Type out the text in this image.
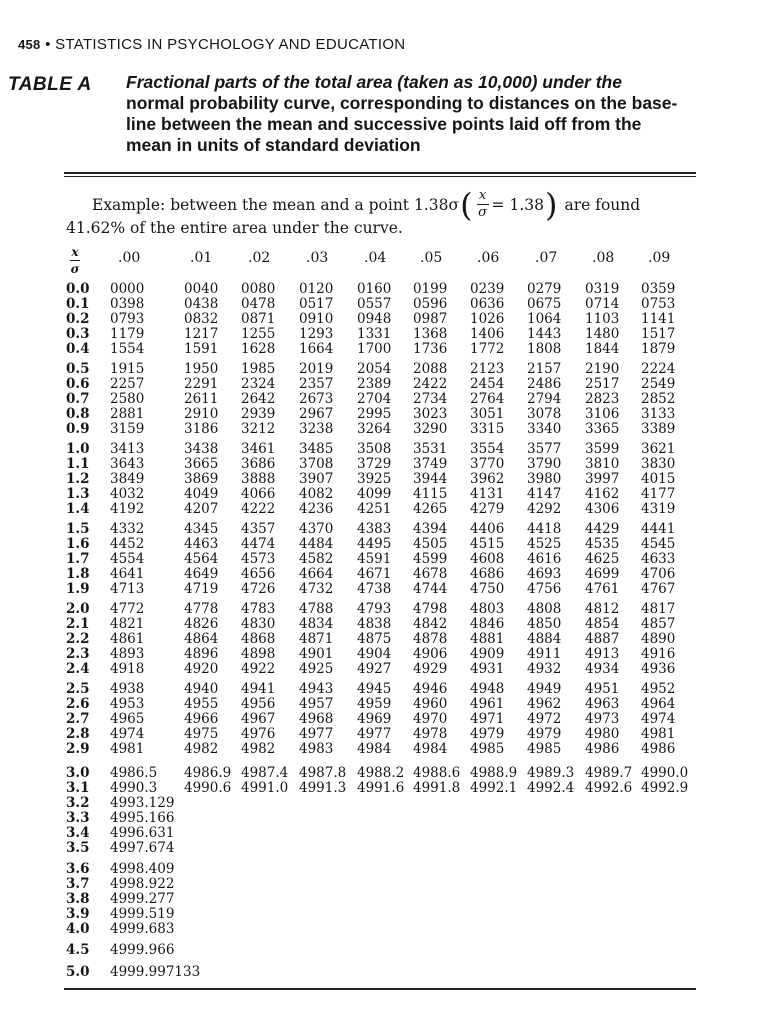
458 • STATISTICS IN PSYCHOLOGY AND EDUCATION
TABLE A Fractional parts of the total area (taken as 10,000) under the
normal probability curve, corresponding to distances on the base-
line between the mean and successive points laid off from the
mean in units of standard deviation
Example: between the mean and a point 1.38σ ( $\frac{x}{\sigma} = 1.38$ ) are found
41.62% of the entire area under the curve.
x
σ
.00	.01	.02	.03	.04 .05 .06	.07 .08 .09
0.0 0000	0040 0080 0120 0160 0199 0239 0279 0319 0359
0.1 0398	0438 0478 0517 0557 0596 0636 0675 0714 0753
0.2 0793	0832 0871 0910 0948 0987 1026 1064 1103 1141
0.3 1179	1217 1255 1293 1331 1368 1406 1443 1480 1517
0.4 1554	1591 1628 1664 1700 1736 1772 1808 1844 1879
0.5 1915	1950 1985 2019 2054 2088 2123 2157 2190 2224
0.6 2257	2291 2324 2357 2389 2422 2454 2486 2517 2549
0.7 2580	2611 2642 2673 2704 2734 2764 2794 2823 2852
0.8 2881	2910 2939 2967 2995 3023 3051 3078 3106 3133
0.9 3159	3186 3212 3238 3264 3290 3315 3340 3365 3389
1.0 3413	3438 3461 3485 3508 3531 3554 3577 3599 3621
1.1 3643	3665 3686 3708 3729 3749 3770 3790 3810 3830
1.2 3849	3869 3888 3907 3925 3944 3962 3980 3997 4015
1.3 4032	4049 4066 4082 4099 4115 4131 4147 4162 4177
1.4 4192	4207 4222 4236 4251 4265 4279 4292 4306 4319
1.5 4332	4345 4357 4370 4383 4394 4406 4418 4429 4441
1.6 4452	4463 4474 4484 4495 4505 4515 4525 4535 4545
1.7 4554	4564 4573 4582 4591 4599 4608 4616 4625 4633
1.8 4641	4649 4656 4664 4671 4678 4686 4693 4699 4706
1.9 4713	4719 4726 4732 4738 4744 4750 4756 4761 4767
2.0 4772	4778 4783 4788 4793 4798 4803 4808 4812 4817
2.1 4821	4826 4830 4834 4838 4842 4846 4850 4854 4857
2.2 4861	4864 4868 4871 4875 4878 4881 4884 4887 4890
2.3 4893	4896 4898 4901 4904 4906 4909 4911 4913 4916
2.4 4918	4920 4922 4925 4927 4929 4931 4932 4934 4936
2.5 4938	4940 4941 4943 4945 4946 4948 4949 4951 4952
2.6 4953	4955 4956 4957 4959 4960 4961 4962 4963 4964
2.7 4965	4966 4967 4968 4969 4970 4971 4972 4973 4974
2.8 4974	4975 4976 4977 4977 4978 4979 4979 4980 4981
2.9 4981	4982 4982 4983 4984 4984 4985 4985 4986 4986
3.0 4986.5 4986.9 4987.4 4987.8 4988.2 4988.6 4988.9 4989.3 4989.7 4990.0
3.1 4990.3 4990.6 4991.0 4991.3 4991.6 4991.8 4992.1 4992.4 4992.6 4992.9
3.2 4993.129
3.3 4995.166
3.4 4996.631
3.5 4997.674
3.6 4998.409
3.7 4998.922
3.8 4999.277
3.9 4999.519
4.0 4999.683
4.5 4999.966
5.0 4999.997133
